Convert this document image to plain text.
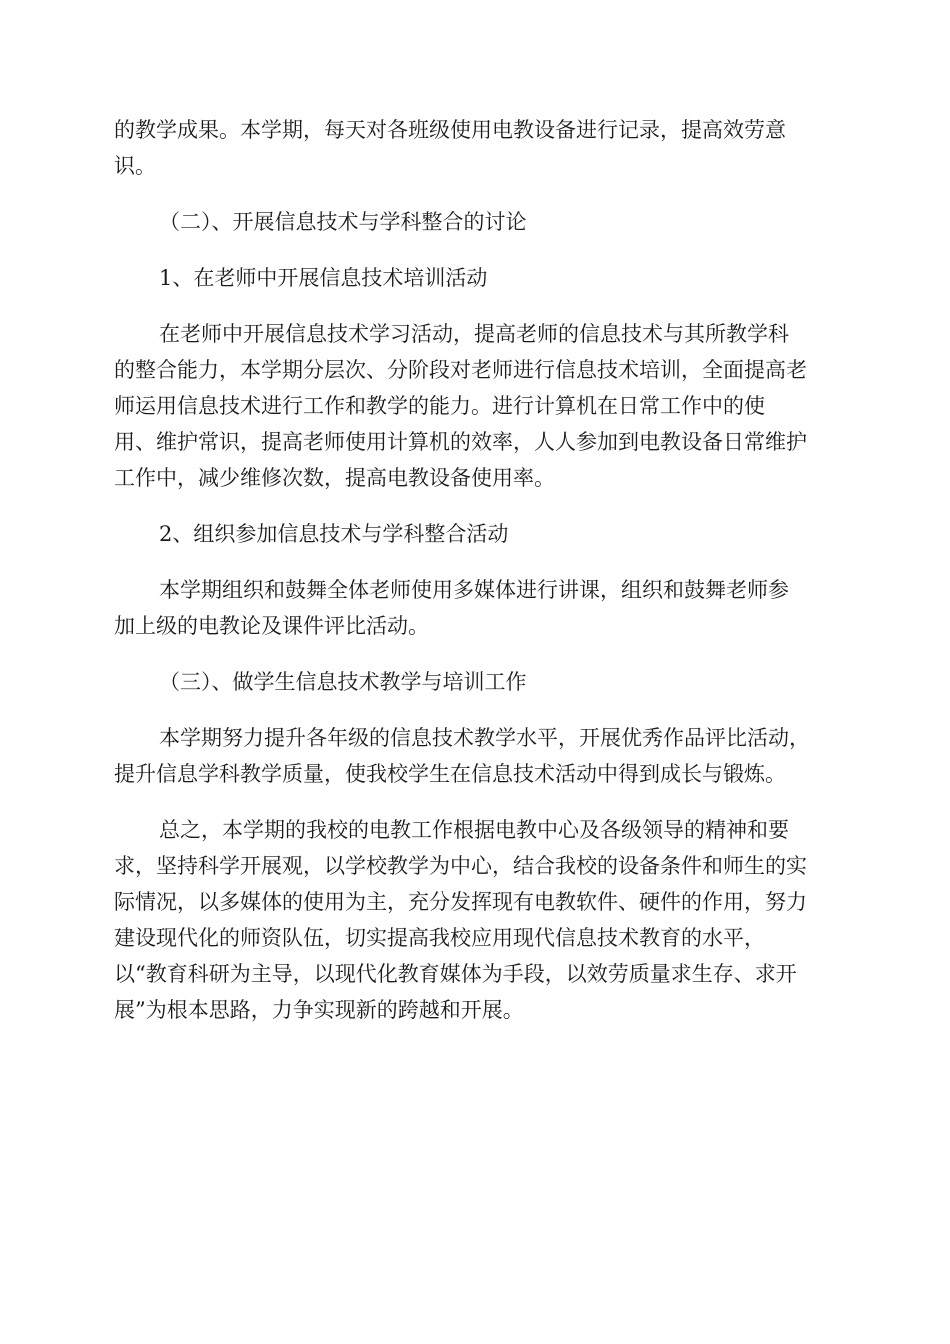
的教学成果。本学期，每天对各班级使用电教设备进行记录，提高效劳意
识。

（二）、开展信息技术与学科整合的讨论

1、在老师中开展信息技术培训活动

在老师中开展信息技术学习活动，提高老师的信息技术与其所教学科
的整合能力，本学期分层次、分阶段对老师进行信息技术培训，全面提高老
师运用信息技术进行工作和教学的能力。进行计算机在日常工作中的使
用、维护常识，提高老师使用计算机的效率，人人参加到电教设备日常维护
工作中，减少维修次数，提高电教设备使用率。

2、组织参加信息技术与学科整合活动

本学期组织和鼓舞全体老师使用多媒体进行讲课，组织和鼓舞老师参
加上级的电教论及课件评比活动。

（三）、做学生信息技术教学与培训工作

本学期努力提升各年级的信息技术教学水平，开展优秀作品评比活动，
提升信息学科教学质量，使我校学生在信息技术活动中得到成长与锻炼。

总之，本学期的我校的电教工作根据电教中心及各级领导的精神和要
求，坚持科学开展观，以学校教学为中心，结合我校的设备条件和师生的实
际情况，以多媒体的使用为主，充分发挥现有电教软件、硬件的作用，努力
建设现代化的师资队伍，切实提高我校应用现代信息技术教育的水平，
以“教育科研为主导，以现代化教育媒体为手段，以效劳质量求生存、求开
展”为根本思路，力争实现新的跨越和开展。
